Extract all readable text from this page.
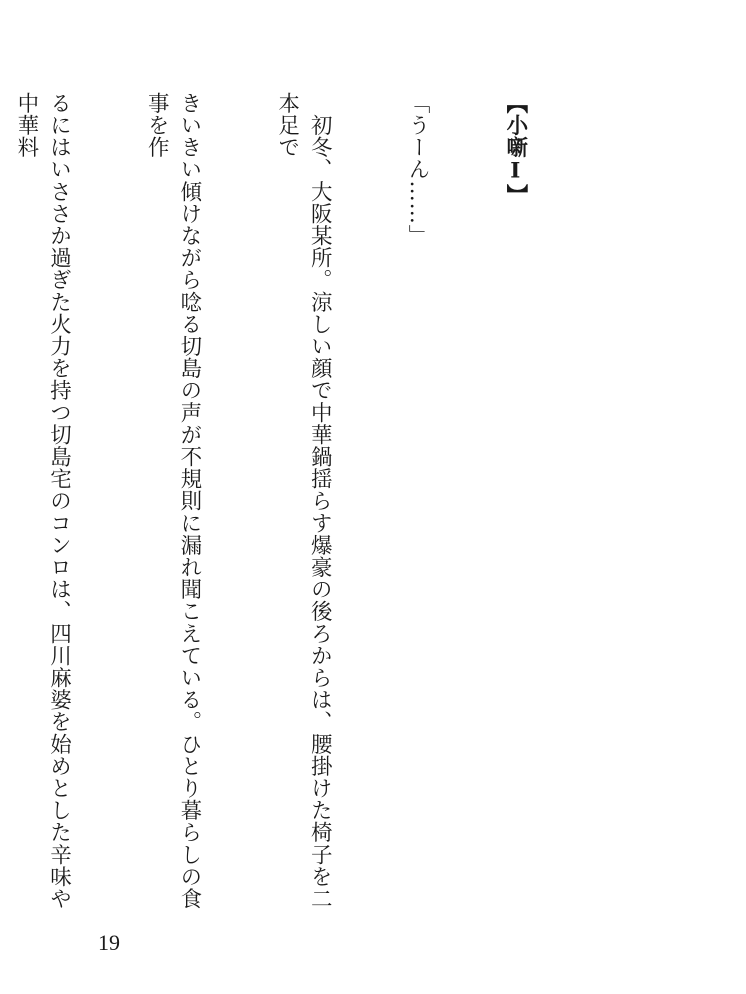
【小噺Ⅰ】

「うーん……」

　初冬、大阪某所。涼しい顔で中華鍋揺らす爆豪の後ろからは、腰掛けた椅子を二本足で

きいきい傾けながら唸る切島の声が不規則に漏れ聞こえている。ひとり暮らしの食事を作

るにはいささか過ぎた火力を持つ切島宅のコンロは、四川麻婆を始めとした辛味や中華料

19
